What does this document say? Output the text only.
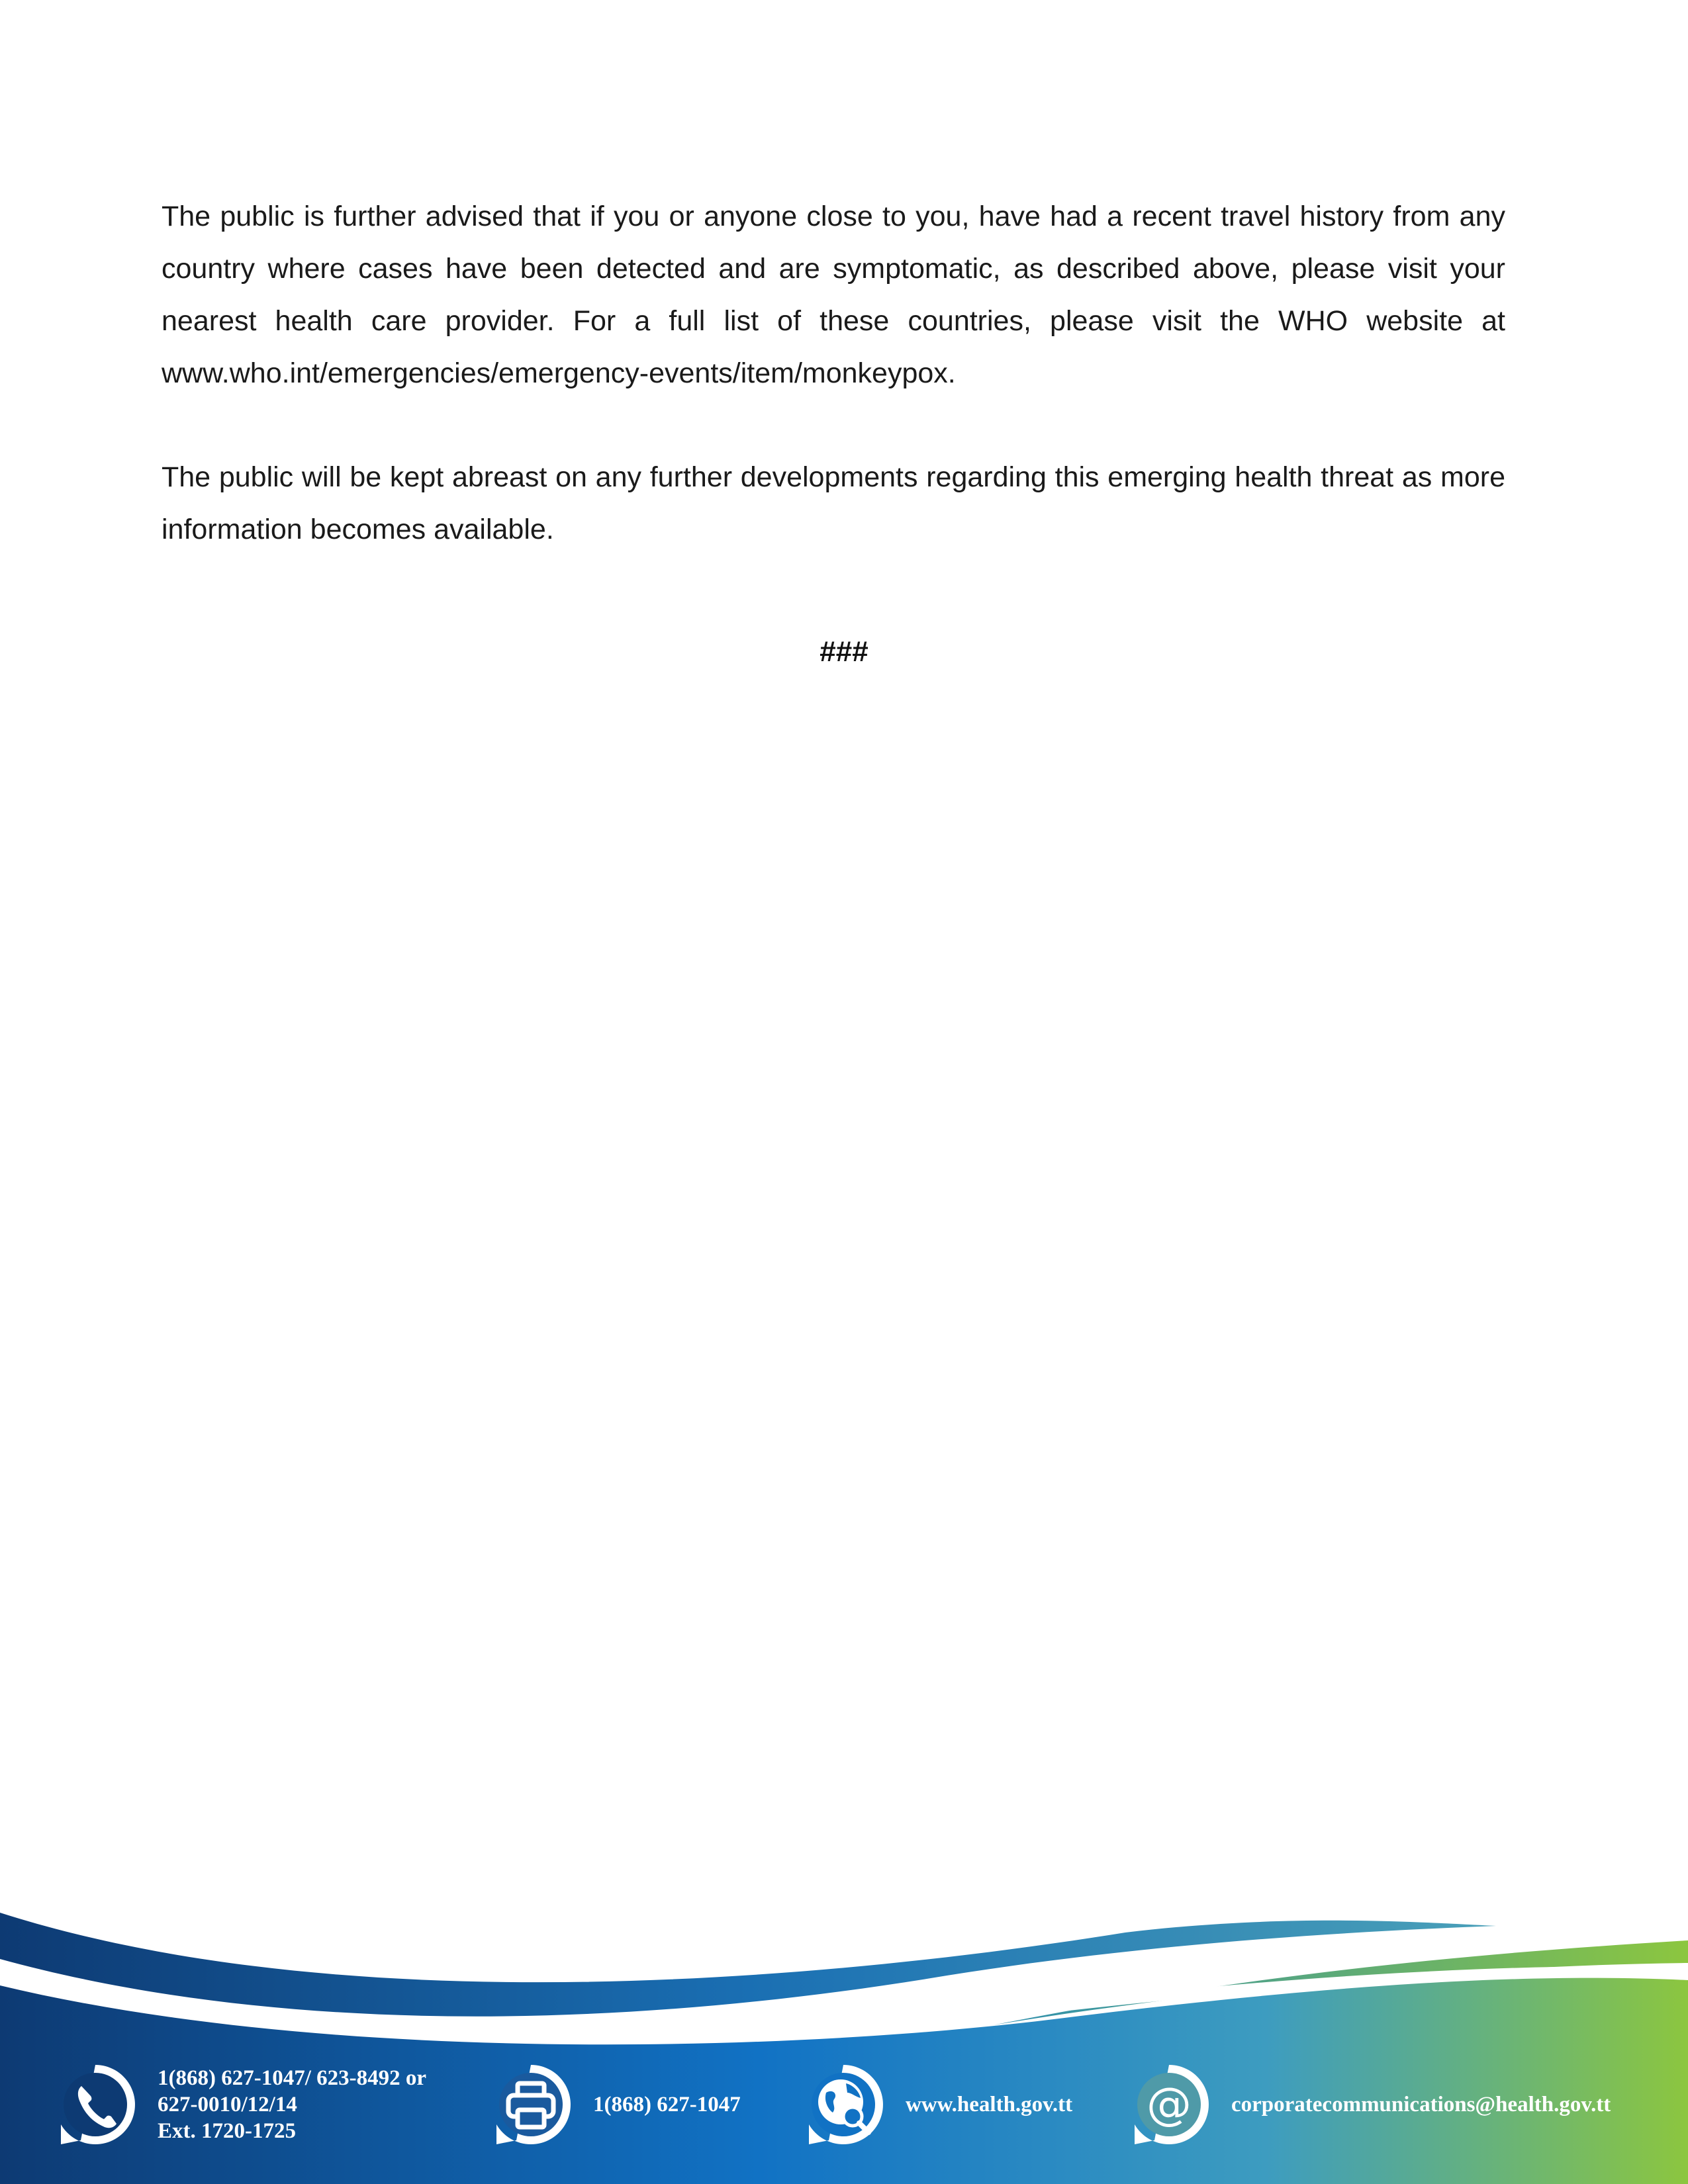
The public is further advised that if you or anyone close to you, have had a recent travel history from any country where cases have been detected and are symptomatic, as described above, please visit your nearest health care provider. For a full list of these countries, please visit the WHO website at www.who.int/emergencies/emergency-events/item/monkeypox.

The public will be kept abreast on any further developments regarding this emerging health threat as more information becomes available.

###
1(868) 627-1047/ 623-8492 or
627-0010/12/14
Ext. 1720-1725
1(868) 627-1047	www.health.gov.tt @ corporatecommunications@health.gov.tt
